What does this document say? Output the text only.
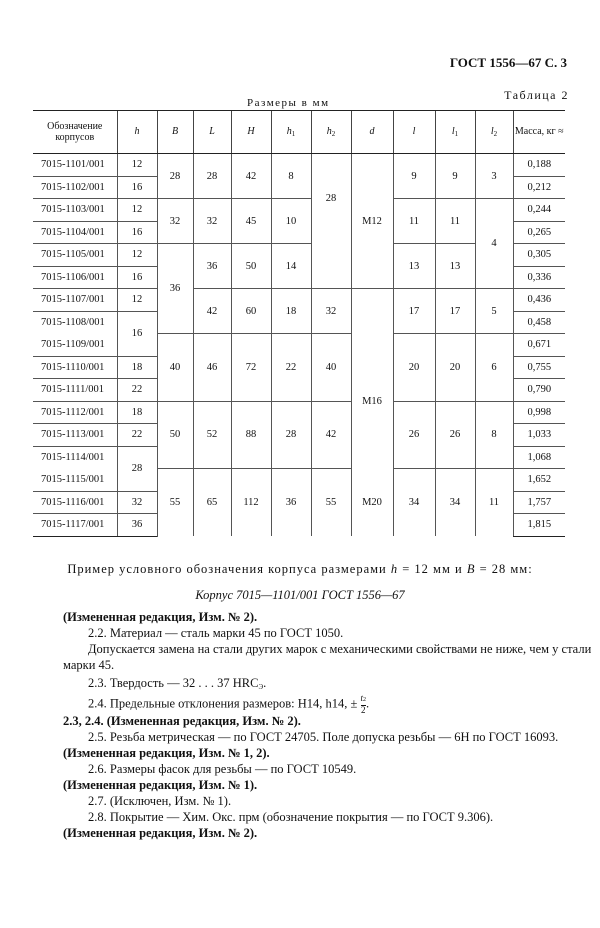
ГОСТ 1556—67 С. 3
Таблица 2
Размеры в мм
Обозначение корпусов	h	B	L	H	$h_1$	$h_2$	d	l	$l_1$	$l_2$	Масса, кг ≈
7015-1101/001	12	28	28	42	8	28	M12	9	9	3	0,188
7015-1102/001	16										0,212
7015-1103/001	12	32	32	45	10			11	11	4	0,244
7015-1104/001	16										0,265
7015-1105/001	12	36	36	50	14			13	13		0,305
7015-1106/001	16										0,336
7015-1107/001	12		42	60	18	32		17	17	5	0,436
7015-1108/001	16										0,458
7015-1109/001		40	46	72	22	40	M16	20	20	6	0,671
7015-1110/001	18										0,755
7015-1111/001	22										0,790
7015-1112/001	18	50	52	88	28	42		26	26	8	0,998
7015-1113/001	22										1,033
7015-1114/001	28										1,068
7015-1115/001		55	65	112	36	55	M20	34	34	11	1,652
7015-1116/001	32										1,757
7015-1117/001	36										1,815
Пример условного обозначения корпуса размерами h = 12 мм и B = 28 мм:
Корпус 7015—1101/001 ГОСТ 1556—67
(Измененная редакция, Изм. № 2).
2.2. Материал — сталь марки 45 по ГОСТ 1050.
Допускается замена на стали других марок с механическими свойствами не ниже, чем у стали
марки 45.
2.3. Твердость — 32 . . . 37 $HRC_Э$.
2.4. Предельные отклонения размеров: H14, h14, ± $\frac{t2}{2}$ .
2.3, 2.4. (Измененная редакция, Изм. № 2).
2.5. Резьба метрическая — по ГОСТ 24705. Поле допуска резьбы — 6H по ГОСТ 16093.
(Измененная редакция, Изм. № 1, 2).
2.6. Размеры фасок для резьбы — по ГОСТ 10549.
(Измененная редакция, Изм. № 1).
2.7. (Исключен, Изм. № 1).
2.8. Покрытие — Хим. Окс. прм (обозначение покрытия — по ГОСТ 9.306).
(Измененная редакция, Изм. № 2).
